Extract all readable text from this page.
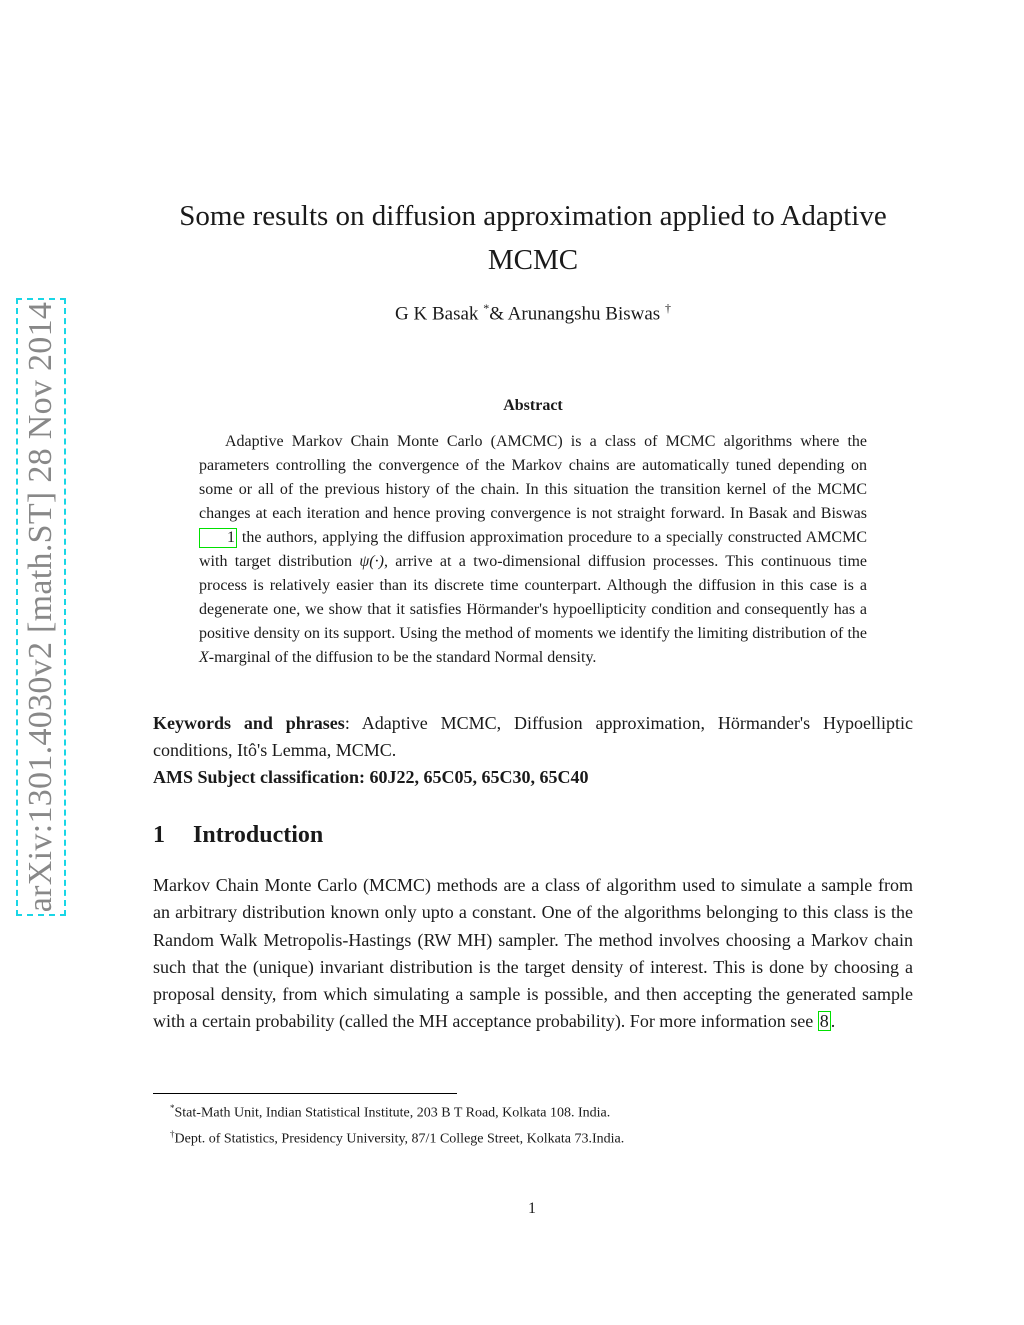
arXiv:1301.4030v2 [math.ST] 28 Nov 2014
Some results on diffusion approximation applied to Adaptive MCMC
G K Basak *& Arunangshu Biswas †
Abstract
Adaptive Markov Chain Monte Carlo (AMCMC) is a class of MCMC algorithms where the parameters controlling the convergence of the Markov chains are automatically tuned depending on some or all of the previous history of the chain. In this situation the transition kernel of the MCMC changes at each iteration and hence proving convergence is not straight forward. In Basak and Biswas 1 the authors, applying the diffusion approximation procedure to a specially constructed AMCMC with target distribution ψ(·), arrive at a two-dimensional diffusion processes. This continuous time process is relatively easier than its discrete time counterpart. Although the diffusion in this case is a degenerate one, we show that it satisfies Hörmander's hypoellipticity condition and consequently has a positive density on its support. Using the method of moments we identify the limiting distribution of the X-marginal of the diffusion to be the standard Normal density.
Keywords and phrases: Adaptive MCMC, Diffusion approximation, Hörmander's Hypoelliptic conditions, Itô's Lemma, MCMC.
AMS Subject classification: 60J22, 65C05, 65C30, 65C40
1 Introduction
Markov Chain Monte Carlo (MCMC) methods are a class of algorithm used to simulate a sample from an arbitrary distribution known only upto a constant. One of the algorithms belonging to this class is the Random Walk Metropolis-Hastings (RW MH) sampler. The method involves choosing a Markov chain such that the (unique) invariant distribution is the target density of interest. This is done by choosing a proposal density, from which simulating a sample is possible, and then accepting the generated sample with a certain probability (called the MH acceptance probability). For more information see 8 .
*Stat-Math Unit, Indian Statistical Institute, 203 B T Road, Kolkata 108. India.
†Dept. of Statistics, Presidency University, 87/1 College Street, Kolkata 73.India.
1
